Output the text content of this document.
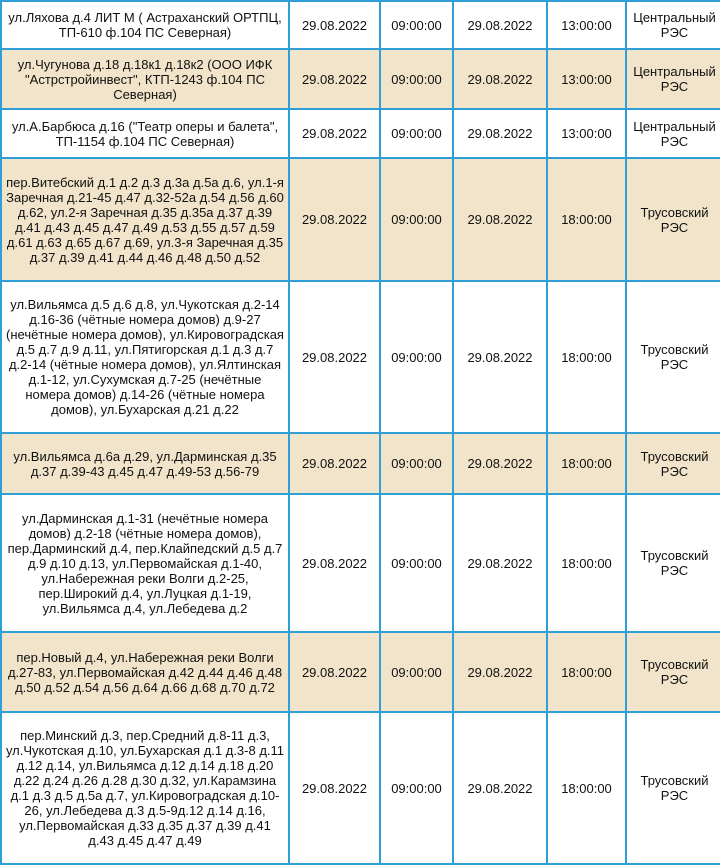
ул.Ляхова д.4 ЛИТ М ( Астраханский ОРТПЦ, ТП-610 ф.104 ПС Северная)	29.08.2022	09:00:00	29.08.2022	13:00:00	Центральный РЭС
ул.Чугунова д.18 д.18к1 д.18к2 (ООО ИФК "Астрстройинвест", КТП-1243 ф.104 ПС Северная)	29.08.2022	09:00:00	29.08.2022	13:00:00	Центральный РЭС
ул.А.Барбюса д.16 ("Театр оперы и балета", ТП-1154 ф.104 ПС Северная)	29.08.2022	09:00:00	29.08.2022	13:00:00	Центральный РЭС
пер.Витебский д.1 д.2 д.3 д.3а д.5а д.6, ул.1-я Заречная д.21-45 д.47 д.32-52а д.54 д.56 д.60 д.62, ул.2-я Заречная д.35 д.35а д.37 д.39 д.41 д.43 д.45 д.47 д.49 д.53 д.55 д.57 д.59 д.61 д.63 д.65 д.67 д.69, ул.3-я Заречная д.35 д.37 д.39 д.41 д.44 д.46 д.48 д.50 д.52	29.08.2022	09:00:00	29.08.2022	18:00:00	Трусовский РЭС
ул.Вильямса д.5 д.6 д.8, ул.Чукотская д.2-14 д.16-36 (чётные номера домов) д.9-27 (нечётные номера домов), ул.Кировоградская д.5 д.7 д.9 д.11, ул.Пятигорская д.1 д.3 д.7 д.2-14 (чётные номера домов), ул.Ялтинская д.1-12, ул.Сухумская д.7-25 (нечётные номера домов) д.14-26 (чётные номера домов), ул.Бухарская д.21 д.22	29.08.2022	09:00:00	29.08.2022	18:00:00	Трусовский РЭС
ул.Вильямса д.6а д.29, ул.Дарминская д.35 д.37 д.39-43 д.45 д.47 д.49-53 д.56-79	29.08.2022	09:00:00	29.08.2022	18:00:00	Трусовский РЭС
ул.Дарминская д.1-31 (нечётные номера домов) д.2-18 (чётные номера домов), пер.Дарминский д.4, пер.Клайпедский д.5 д.7 д.9 д.10 д.13, ул.Первомайская д.1-40, ул.Набережная реки Волги д.2-25, пер.Широкий д.4, ул.Луцкая д.1-19, ул.Вильямса д.4, ул.Лебедева д.2	29.08.2022	09:00:00	29.08.2022	18:00:00	Трусовский РЭС
пер.Новый д.4, ул.Набережная реки Волги д.27-83, ул.Первомайская д.42 д.44 д.46 д.48 д.50 д.52 д.54 д.56 д.64 д.66 д.68 д.70 д.72	29.08.2022	09:00:00	29.08.2022	18:00:00	Трусовский РЭС
пер.Минский д.3, пер.Средний д.8-11 д.3, ул.Чукотская д.10, ул.Бухарская д.1 д.3-8 д.11 д.12 д.14, ул.Вильямса д.12 д.14 д.18 д.20 д.22 д.24 д.26 д.28 д.30 д.32, ул.Карамзина д.1 д.3 д.5 д.5а д.7, ул.Кировоградская д.10-26, ул.Лебедева д.3 д.5-9д.12 д.14 д.16, ул.Первомайская д.33 д.35 д.37 д.39 д.41 д.43 д.45 д.47 д.49	29.08.2022	09:00:00	29.08.2022	18:00:00	Трусовский РЭС
